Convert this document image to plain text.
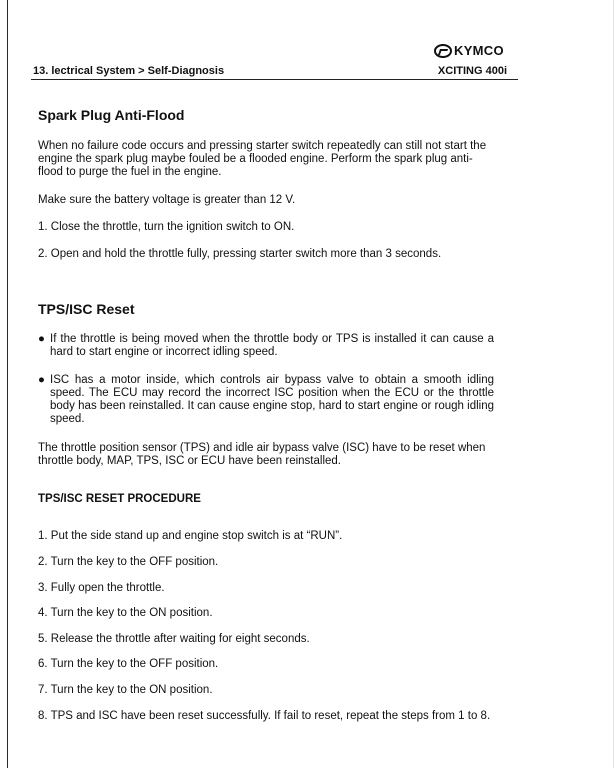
KYMCO
13. lectrical System > Self-Diagnosis	XCITING 400i
Spark Plug Anti-Flood

When no failure code occurs and pressing starter switch repeatedly can still not start the engine the spark plug maybe fouled be a flooded engine. Perform the spark plug anti-flood to purge the fuel in the engine.

Make sure the battery voltage is greater than 12 V.

1. Close the throttle, turn the ignition switch to ON.

2. Open and hold the throttle fully, pressing starter switch more than 3 seconds.

TPS/ISC Reset
● If the throttle is being moved when the throttle body or TPS is installed it can cause a hard to start engine or incorrect idling speed.
● ISC has a motor inside, which controls air bypass valve to obtain a smooth idling speed. The ECU may record the incorrect ISC position when the ECU or the throttle body has been reinstalled. It can cause engine stop, hard to start engine or rough idling speed.

The throttle position sensor (TPS) and idle air bypass valve (ISC) have to be reset when throttle body, MAP, TPS, ISC or ECU have been reinstalled.

TPS/ISC RESET PROCEDURE

1. Put the side stand up and engine stop switch is at “RUN”.

2. Turn the key to the OFF position.

3. Fully open the throttle.

4. Turn the key to the ON position.

5. Release the throttle after waiting for eight seconds.

6. Turn the key to the OFF position.

7. Turn the key to the ON position.

8. TPS and ISC have been reset successfully. If fail to reset, repeat the steps from 1 to 8.
